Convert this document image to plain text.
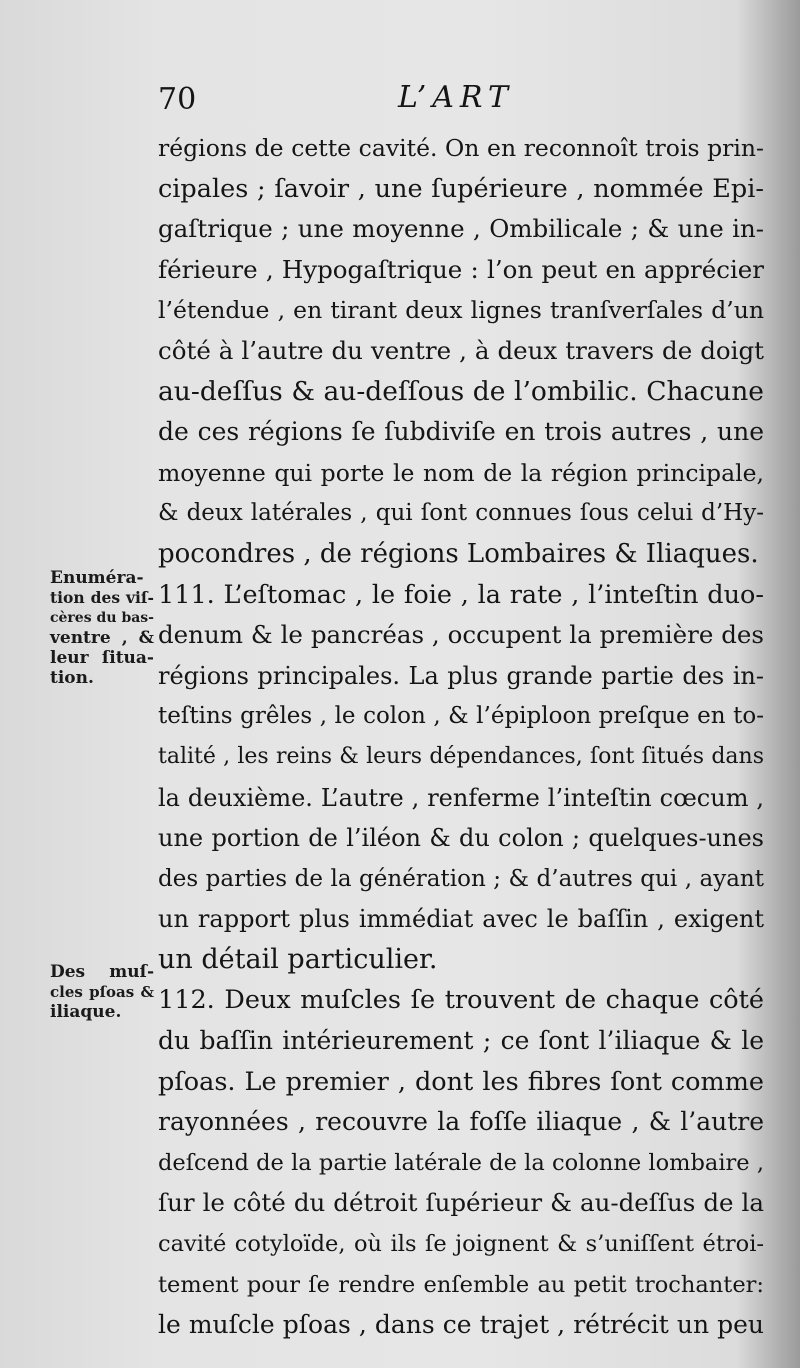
70	L’ART
régions de cette cavité. On en reconnoît trois prin-
cipales ; ſavoir , une ſupérieure , nommée Epi-
gaſtrique ; une moyenne , Ombilicale ; & une in-
férieure , Hypogaſtrique : l’on peut en apprécier
l’étendue , en tirant deux lignes tranſverſales d’un
côté à l’autre du ventre , à deux travers de doigt
au-deſſus & au-deſſous de l’ombilic. Chacune
de ces régions ſe ſubdiviſe en trois autres , une
moyenne qui porte le nom de la région principale,
& deux latérales , qui ſont connues ſous celui d’Hy-
pocondres , de régions Lombaires & Iliaques.
111. L’eſtomac , le foie , la rate , l’inteſtin duo-
denum & le pancréas , occupent la première des
régions principales. La plus grande partie des in-
teſtins grêles , le colon , & l’épiploon preſque en to-
talité , les reins & leurs dépendances, ſont ſitués dans
la deuxième. L’autre , renferme l’inteſtin cœcum ,
une portion de l’iléon & du colon ; quelques-unes
des parties de la génération ; & d’autres qui , ayant
un rapport plus immédiat avec le baſſin , exigent
un détail particulier.
112. Deux muſcles ſe trouvent de chaque côté
du baſſin intérieurement ; ce ſont l’iliaque & le
pſoas. Le premier , dont les fibres ſont comme
rayonnées , recouvre la foſſe iliaque , & l’autre
deſcend de la partie latérale de la colonne lombaire ,
ſur le côté du détroit ſupérieur & au-deſſus de la
cavité cotyloïde, où ils ſe joignent & s’uniſſent étroi-
tement pour ſe rendre enſemble au petit trochanter:
le muſcle pſoas , dans ce trajet , rétrécit un peu
Enuméra-
tion des viſ-
cères du bas-
ventre , &
leur ſitua-
tion.
Des muſ-
cles pſoas &
iliaque.
